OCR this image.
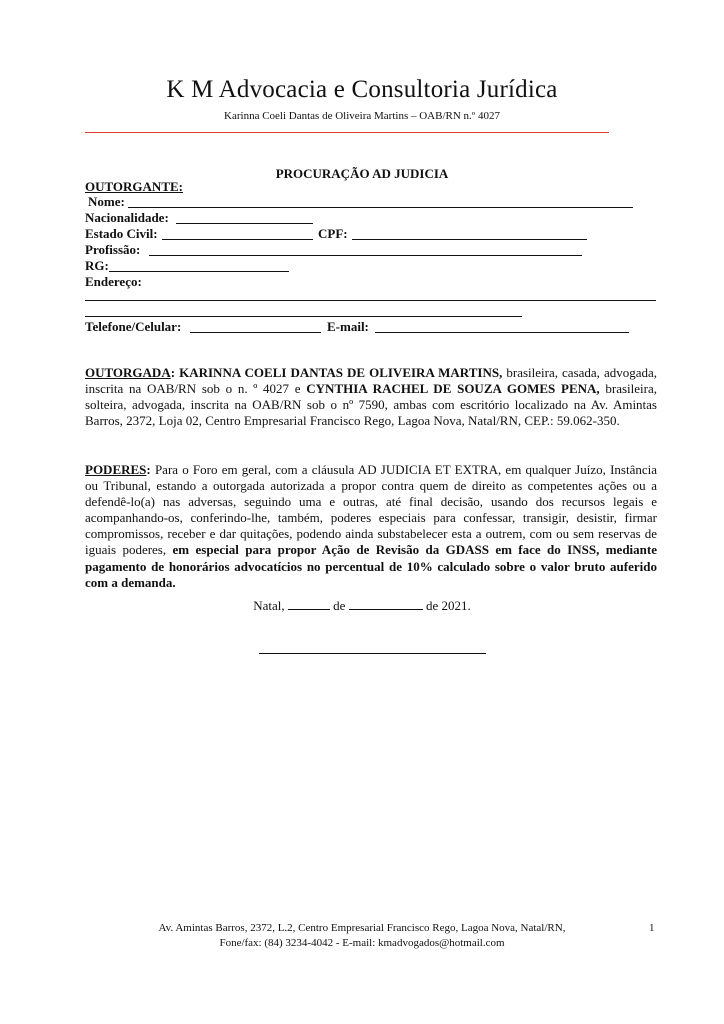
K M Advocacia e Consultoria Jurídica
Karinna Coeli Dantas de Oliveira Martins – OAB/RN n.º 4027
PROCURAÇÃO AD JUDICIA
OUTORGANTE:
Nome:
Nacionalidade:
Estado Civil:	CPF:
Profissão:
RG:
Endereço:
Telefone/Celular:	E-mail:

OUTORGADA: KARINNA COELI DANTAS DE OLIVEIRA MARTINS, brasileira, casada, advogada, inscrita na OAB/RN sob o n. º 4027 e CYNTHIA RACHEL DE SOUZA GOMES PENA, brasileira, solteira, advogada, inscrita na OAB/RN sob o nº 7590, ambas com escritório localizado na Av. Amintas Barros, 2372, Loja 02, Centro Empresarial Francisco Rego, Lagoa Nova, Natal/RN, CEP.: 59.062-350.

PODERES: Para o Foro em geral, com a cláusula AD JUDICIA ET EXTRA, em qualquer Juízo, Instância ou Tribunal, estando a outorgada autorizada a propor contra quem de direito as competentes ações ou a defendê-lo(a) nas adversas, seguindo uma e outras, até final decisão, usando dos recursos legais e acompanhando-os, conferindo-lhe, também, poderes especiais para confessar, transigir, desistir, firmar compromissos, receber e dar quitações, podendo ainda substabelecer esta a outrem, com ou sem reservas de iguais poderes, em especial para propor Ação de Revisão da GDASS em face do INSS, mediante pagamento de honorários advocatícios no percentual de 10% calculado sobre o valor bruto auferido com a demanda.

Natal,	de	de 2021.
Av. Amintas Barros, 2372, L.2, Centro Empresarial Francisco Rego, Lagoa Nova, Natal/RN,
Fone/fax: (84) 3234-4042 - E-mail: kmadvogados@hotmail.com
1
